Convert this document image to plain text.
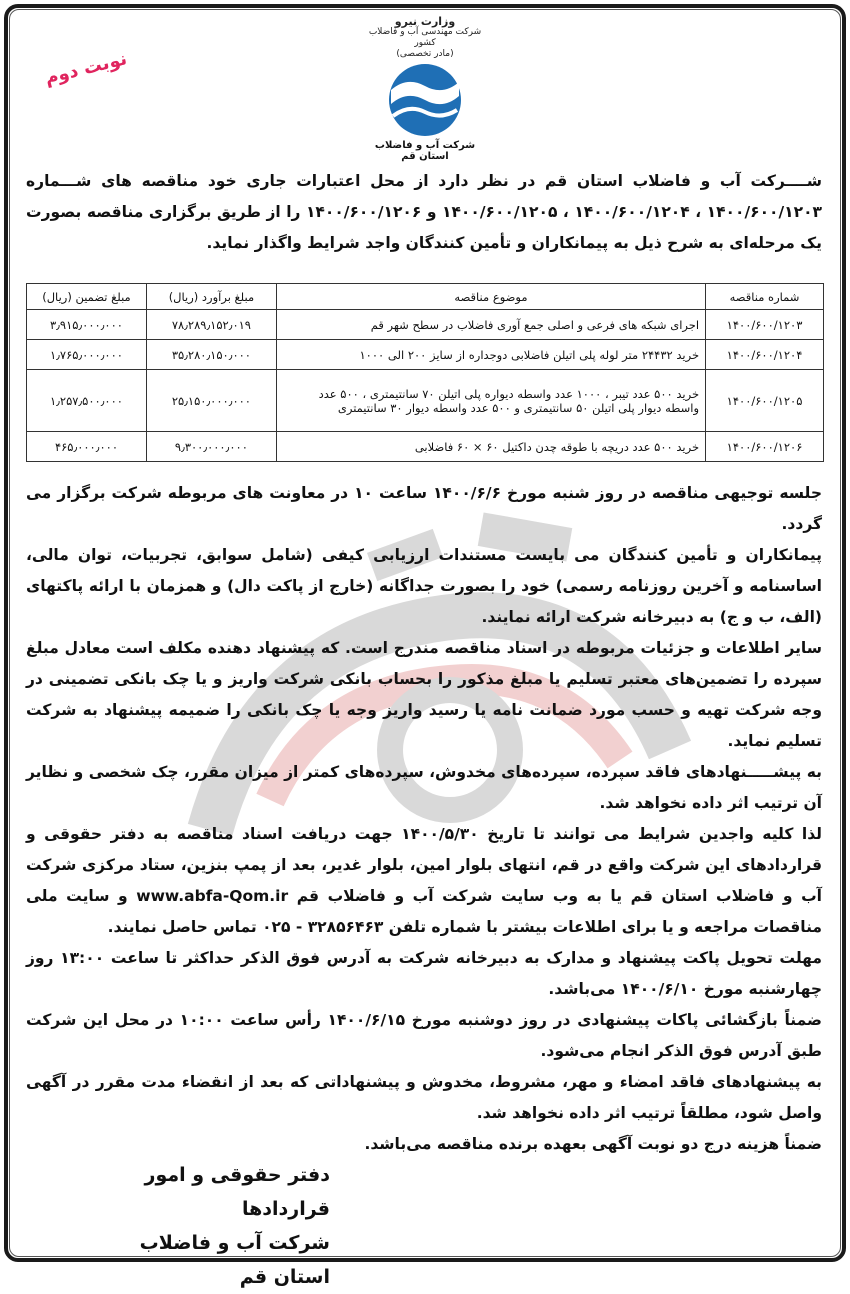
نوبت دوم
وزارت نیرو
شرکت مهندسی آب و فاضلاب کشور
(مادر تخصصی)
شرکت آب و فاضلاب استان قم
شــــرکت آب و فاضلاب استان قم در نظر دارد از محل اعتبارات جاری خود مناقصه های شـــماره ۱۴۰۰/۶۰۰/۱۲۰۳ ، ۱۴۰۰/۶۰۰/۱۲۰۴ ، ۱۴۰۰/۶۰۰/۱۲۰۵ و ۱۴۰۰/۶۰۰/۱۲۰۶ را از طریق برگزاری مناقصه بصورت یک مرحله‌ای به شرح ذیل به پیمانکاران و تأمین کنندگان واجد شرایط واگذار نماید.
شماره مناقصه	موضوع مناقصه	مبلغ برآورد (ریال)	مبلغ تضمین (ریال)
۱۴۰۰/۶۰۰/۱۲۰۳	اجرای شبکه های فرعی و اصلی جمع آوری فاضلاب در سطح شهر قم	۷۸٫۲۸۹٫۱۵۲٫۰۱۹	۳٫۹۱۵٫۰۰۰٫۰۰۰
۱۴۰۰/۶۰۰/۱۲۰۴	خرید ۲۴۴۳۲ متر لوله پلی اتیلن فاضلابی دوجداره از سایز ۲۰۰ الی ۱۰۰۰	۳۵٫۲۸۰٫۱۵۰٫۰۰۰	۱٫۷۶۵٫۰۰۰٫۰۰۰
۱۴۰۰/۶۰۰/۱۲۰۵	خرید ۵۰۰ عدد تیبر ، ۱۰۰۰ عدد واسطه دیواره پلی اتیلن ۷۰ سانتیمتری ، ۵۰۰ عدد واسطه دیوار پلی اتیلن ۵۰ سانتیمتری و ۵۰۰ عدد واسطه دیوار ۳۰ سانتیمتری	۲۵٫۱۵۰٫۰۰۰٫۰۰۰	۱٫۲۵۷٫۵۰۰٫۰۰۰
۱۴۰۰/۶۰۰/۱۲۰۶	خرید ۵۰۰ عدد دریچه با طوقه چدن داکتیل ۶۰ × ۶۰ فاضلابی	۹٫۳۰۰٫۰۰۰٫۰۰۰	۴۶۵٫۰۰۰٫۰۰۰

جلسه توجیهی مناقصه در روز شنبه مورخ ۱۴۰۰/۶/۶ ساعت ۱۰ در معاونت های مربوطه شرکت برگزار می گردد.

پیمانکاران و تأمین کنندگان می بایست مستندات ارزیابی کیفی (شامل سوابق، تجربیات، توان مالی، اساسنامه و آخرین روزنامه رسمی) خود را بصورت جداگانه (خارج از پاکت دال) و همزمان با ارائه پاکتهای (الف، ب و ج) به دبیرخانه شرکت ارائه نمایند.

سایر اطلاعات و جزئیات مربوطه در اسناد مناقصه مندرج است. که پیشنهاد دهنده مکلف است معادل مبلغ سپرده را تضمین‌های معتبر تسلیم یا مبلغ مذکور را بحساب بانکی شرکت واریز و یا چک بانکی تضمینی در وجه شرکت تهیه و حسب مورد ضمانت نامه یا رسید واریز وجه یا چک بانکی را ضمیمه پیشنهاد به شرکت تسلیم نماید.

به پیشـــــنهادهای فاقد سپرده، سپرده‌های مخدوش، سپرده‌های کمتر از میزان مقرر، چک شخصی و نظایر آن ترتیب اثر داده نخواهد شد.

لذا کلیه واجدین شرایط می توانند تا تاریخ ۱۴۰۰/۵/۳۰ جهت دریافت اسناد مناقصه به دفتر حقوقی و قراردادهای این شرکت واقع در قم، انتهای بلوار امین، بلوار غدیر، بعد از پمپ بنزین، ستاد مرکزی شرکت آب و فاضلاب استان قم یا به وب سایت شرکت آب و فاضلاب قم www.abfa-Qom.ir و سایت ملی مناقصات مراجعه و یا برای اطلاعات بیشتر با شماره تلفن ۳۲۸۵۶۴۶۳ - ۰۲۵ تماس حاصل نمایند.

مهلت تحویل پاکت پیشنهاد و مدارک به دبیرخانه شرکت به آدرس فوق الذکر حداکثر تا ساعت ۱۳:۰۰ روز چهارشنبه مورخ ۱۴۰۰/۶/۱۰ می‌باشد.

ضمناً بازگشائی پاکات پیشنهادی در روز دوشنبه مورخ ۱۴۰۰/۶/۱۵ رأس ساعت ۱۰:۰۰ در محل این شرکت طبق آدرس فوق الذکر انجام می‌شود.

به پیشنهادهای فاقد امضاء و مهر، مشروط، مخدوش و پیشنهاداتی که بعد از انقضاء مدت مقرر در آگهی واصل شود، مطلقاً ترتیب اثر داده نخواهد شد.

ضمناً هزینه درج دو نوبت آگهی بعهده برنده مناقصه می‌باشد.

دفتر حقوقی و امور قراردادها
شرکت آب و فاضلاب استان قم
